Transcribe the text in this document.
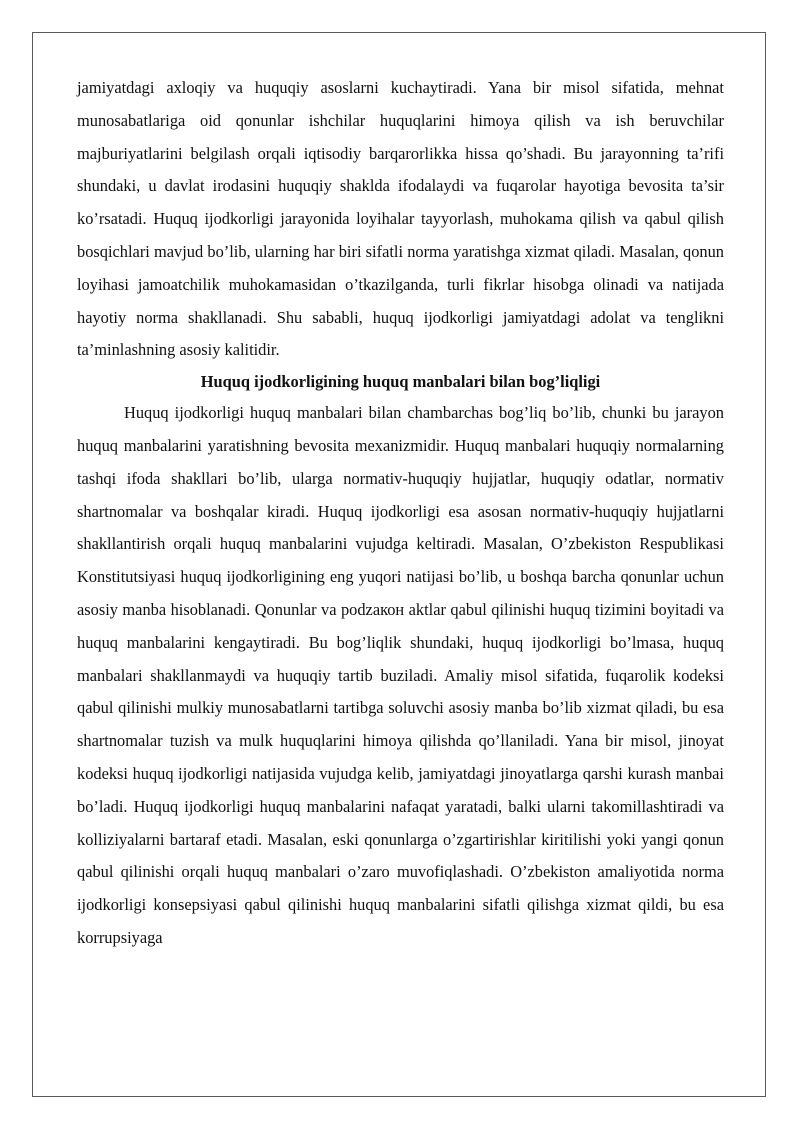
jamiyatdagi axloqiy va huquqiy asoslarni kuchaytiradi. Yana bir misol sifatida, mehnat munosabatlariga oid qonunlar ishchilar huquqlarini himoya qilish va ish beruvchilar majburiyatlarini belgilash orqali iqtisodiy barqarorlikka hissa qo’shadi. Bu jarayonning ta’rifi shundaki, u davlat irodasini huquqiy shaklda ifodalaydi va fuqarolar hayotiga bevosita ta’sir ko’rsatadi. Huquq ijodkorligi jarayonida loyihalar tayyorlash, muhokama qilish va qabul qilish bosqichlari mavjud bo’lib, ularning har biri sifatli norma yaratishga xizmat qiladi. Masalan, qonun loyihasi jamoatchilik muhokamasidan o’tkazilganda, turli fikrlar hisobga olinadi va natijada hayotiy norma shakllanadi. Shu sababli, huquq ijodkorligi jamiyatdagi adolat va tenglikni ta’minlashning asosiy kalitidir.

Huquq ijodkorligining huquq manbalari bilan bog’liqligi

Huquq ijodkorligi huquq manbalari bilan chambarchas bog’liq bo’lib, chunki bu jarayon huquq manbalarini yaratishning bevosita mexanizmidir. Huquq manbalari huquqiy normalarning tashqi ifoda shakllari bo’lib, ularga normativ-huquqiy hujjatlar, huquqiy odatlar, normativ shartnomalar va boshqalar kiradi. Huquq ijodkorligi esa asosan normativ-huquqiy hujjatlarni shakllantirish orqali huquq manbalarini vujudga keltiradi. Masalan, O’zbekiston Respublikasi Konstitutsiyasi huquq ijodkorligining eng yuqori natijasi bo’lib, u boshqa barcha qonunlar uchun asosiy manba hisoblanadi. Qonunlar va podzaкон aktlar qabul qilinishi huquq tizimini boyitadi va huquq manbalarini kengaytiradi. Bu bog’liqlik shundaki, huquq ijodkorligi bo’lmasa, huquq manbalari shakllanmaydi va huquqiy tartib buziladi. Amaliy misol sifatida, fuqarolik kodeksi qabul qilinishi mulkiy munosabatlarni tartibga soluvchi asosiy manba bo’lib xizmat qiladi, bu esa shartnomalar tuzish va mulk huquqlarini himoya qilishda qo’llaniladi. Yana bir misol, jinoyat kodeksi huquq ijodkorligi natijasida vujudga kelib, jamiyatdagi jinoyatlarga qarshi kurash manbai bo’ladi. Huquq ijodkorligi huquq manbalarini nafaqat yaratadi, balki ularni takomillashtiradi va kolliziyalarni bartaraf etadi. Masalan, eski qonunlarga o’zgartirishlar kiritilishi yoki yangi qonun qabul qilinishi orqali huquq manbalari o’zaro muvofiqlashadi. O’zbekiston amaliyotida norma ijodkorligi konsepsiyasi qabul qilinishi huquq manbalarini sifatli qilishga xizmat qildi, bu esa korrupsiyaga
